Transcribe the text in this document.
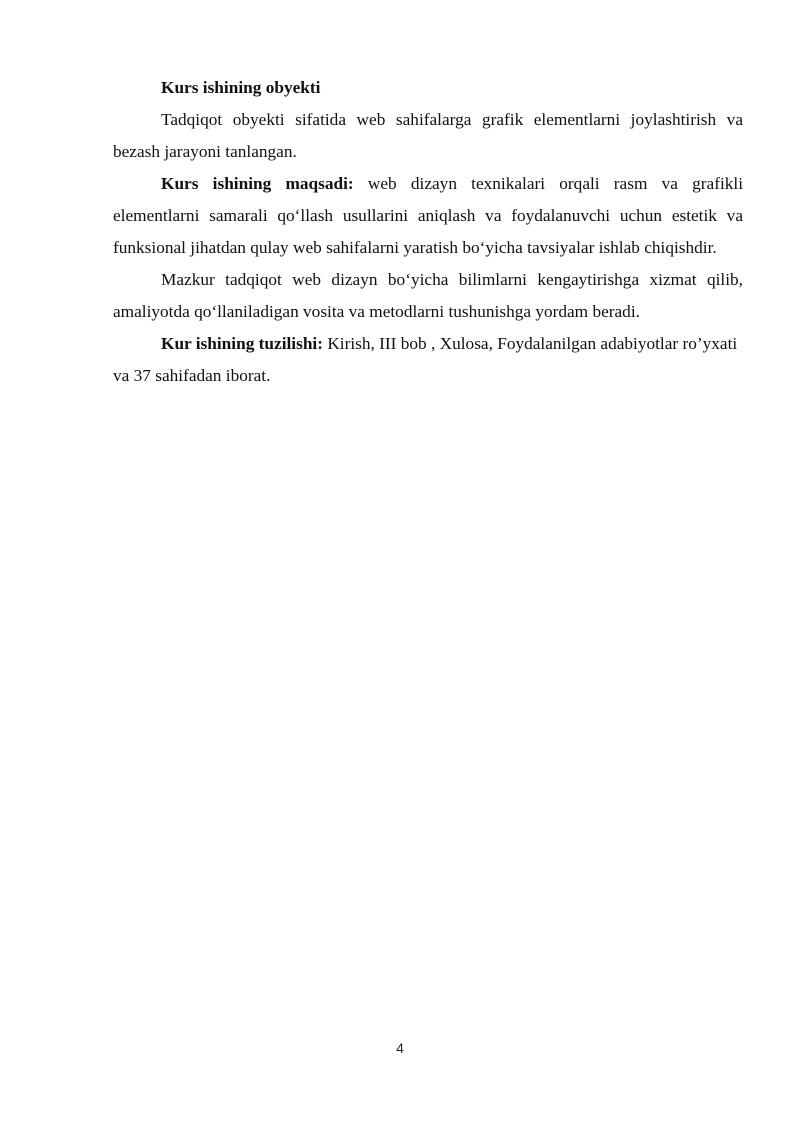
Kurs ishining obyekti

Tadqiqot obyekti sifatida web sahifalarga grafik elementlarni joylashtirish va bezash jarayoni tanlangan.

Kurs ishining maqsadi: web dizayn texnikalari orqali rasm va grafikli elementlarni samarali qo‘llash usullarini aniqlash va foydalanuvchi uchun estetik va funksional jihatdan qulay web sahifalarni yaratish bo‘yicha tavsiyalar ishlab chiqishdir.

Mazkur tadqiqot web dizayn bo‘yicha bilimlarni kengaytirishga xizmat qilib, amaliyotda qo‘llaniladigan vosita va metodlarni tushunishga yordam beradi.

Kur ishining tuzilishi: Kirish, III bob , Xulosa, Foydalanilgan adabiyotlar ro’yxati va 37 sahifadan iborat.

4
